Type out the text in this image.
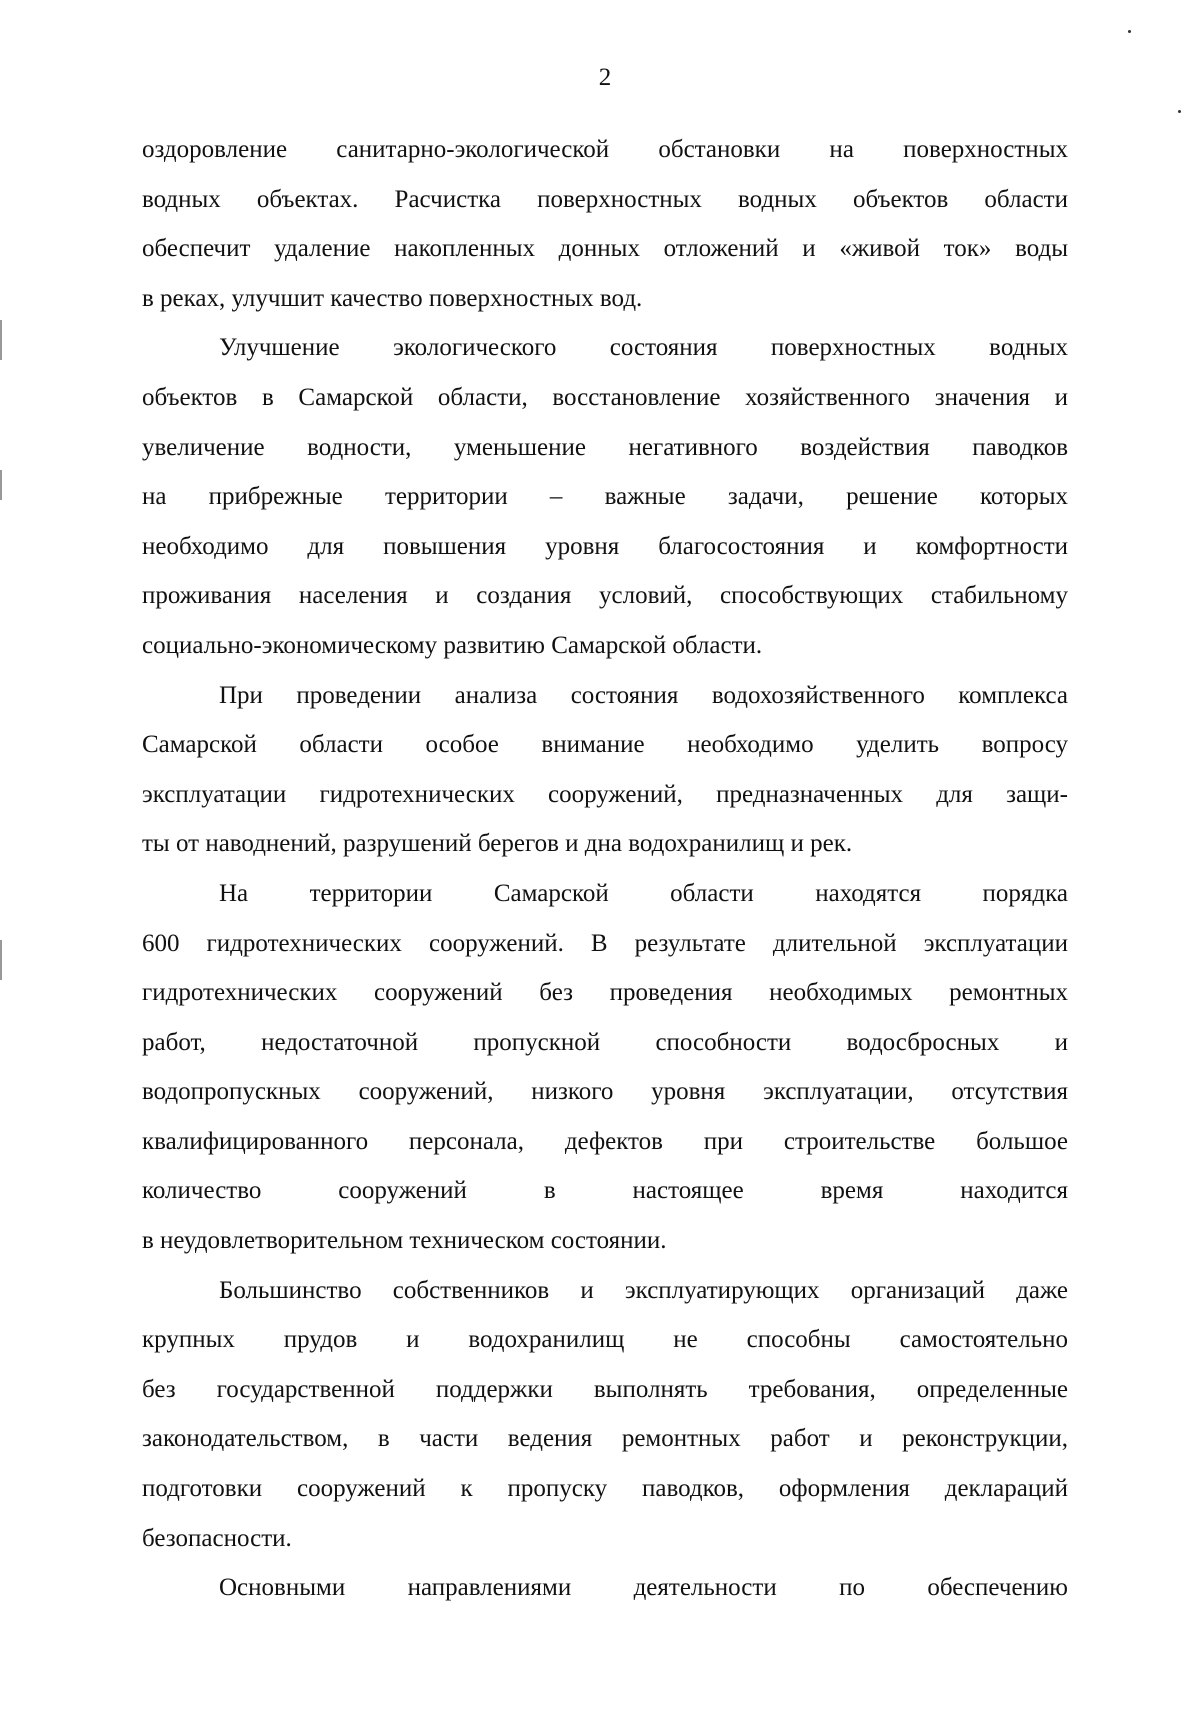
2
оздоровление санитарно-экологической обстановки на поверхностных
водных объектах. Расчистка поверхностных водных объектов области
обеспечит удаление накопленных донных отложений и «живой ток» воды
в реках, улучшит качество поверхностных вод.
Улучшение экологического состояния поверхностных водных
объектов в Самарской области, восстановление хозяйственного значения и
увеличение водности, уменьшение негативного воздействия паводков
на прибрежные территории – важные задачи, решение которых
необходимо для повышения уровня благосостояния и комфортности
проживания населения и создания условий, способствующих стабильному
социально-экономическому развитию Самарской области.
При проведении анализа состояния водохозяйственного комплекса
Самарской области особое внимание необходимо уделить вопросу
эксплуатации гидротехнических сооружений, предназначенных для защи-
ты от наводнений, разрушений берегов и дна водохранилищ и рек.
На территории Самарской области находятся порядка
600 гидротехнических сооружений. В результате длительной эксплуатации
гидротехнических сооружений без проведения необходимых ремонтных
работ, недостаточной пропускной способности водосбросных и
водопропускных сооружений, низкого уровня эксплуатации, отсутствия
квалифицированного персонала, дефектов при строительстве большое
количество сооружений в настоящее время находится
в неудовлетворительном техническом состоянии.
Большинство собственников и эксплуатирующих организаций даже
крупных прудов и водохранилищ не способны самостоятельно
без государственной поддержки выполнять требования, определенные
законодательством, в части ведения ремонтных работ и реконструкции,
подготовки сооружений к пропуску паводков, оформления деклараций
безопасности.
Основными направлениями деятельности по обеспечению
